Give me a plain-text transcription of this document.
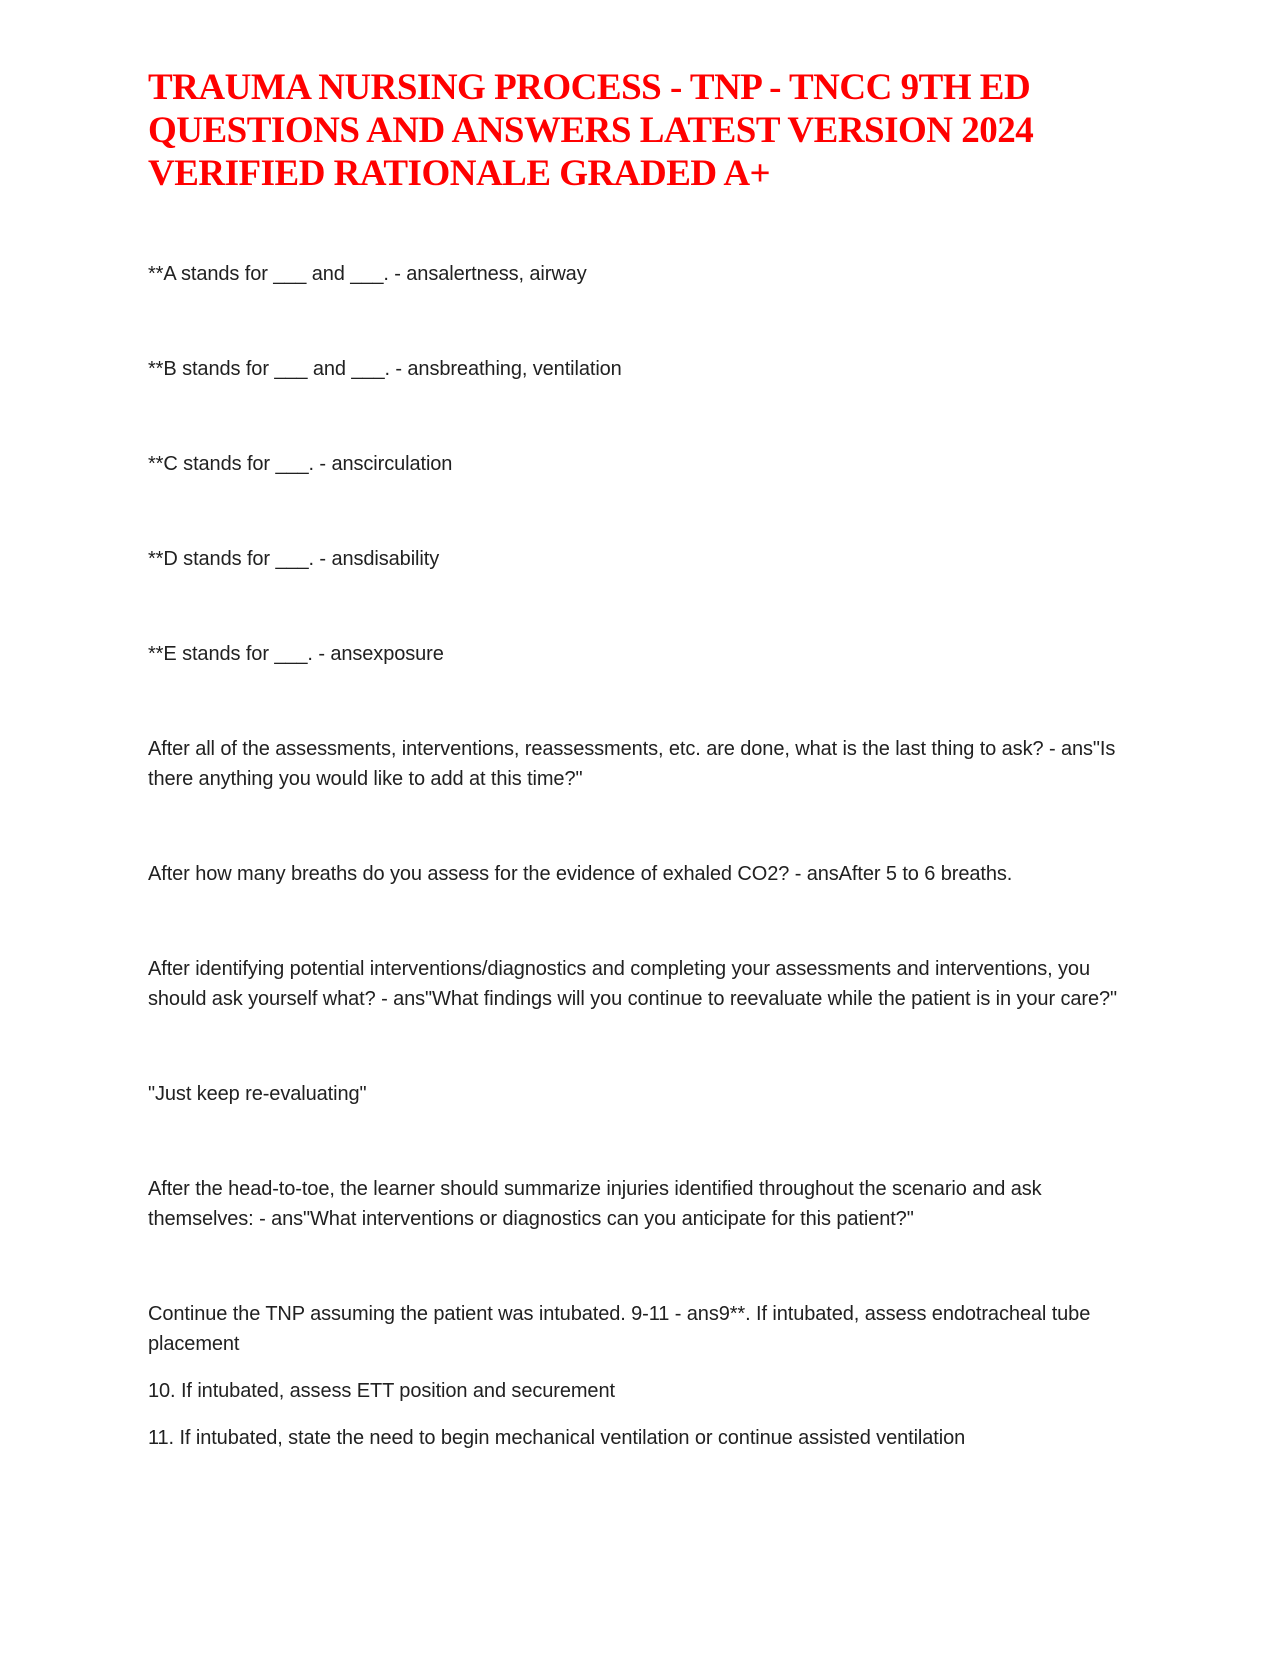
TRAUMA NURSING PROCESS - TNP - TNCC 9TH ED
QUESTIONS AND ANSWERS LATEST VERSION 2024
VERIFIED RATIONALE GRADED A+

**A stands for ___ and ___. - ansalertness, airway

**B stands for ___ and ___. - ansbreathing, ventilation

**C stands for ___. - anscirculation

**D stands for ___. - ansdisability

**E stands for ___. - ansexposure

After all of the assessments, interventions, reassessments, etc. are done, what is the last thing to ask? - ans"Is there anything you would like to add at this time?"

After how many breaths do you assess for the evidence of exhaled CO2? - ansAfter 5 to 6 breaths.

After identifying potential interventions/diagnostics and completing your assessments and interventions, you should ask yourself what? - ans"What findings will you continue to reevaluate while the patient is in your care?"

"Just keep re-evaluating"

After the head-to-toe, the learner should summarize injuries identified throughout the scenario and ask themselves: - ans"What interventions or diagnostics can you anticipate for this patient?"

Continue the TNP assuming the patient was intubated. 9-11 - ans9**. If intubated, assess endotracheal tube placement

10. If intubated, assess ETT position and securement

11. If intubated, state the need to begin mechanical ventilation or continue assisted ventilation
